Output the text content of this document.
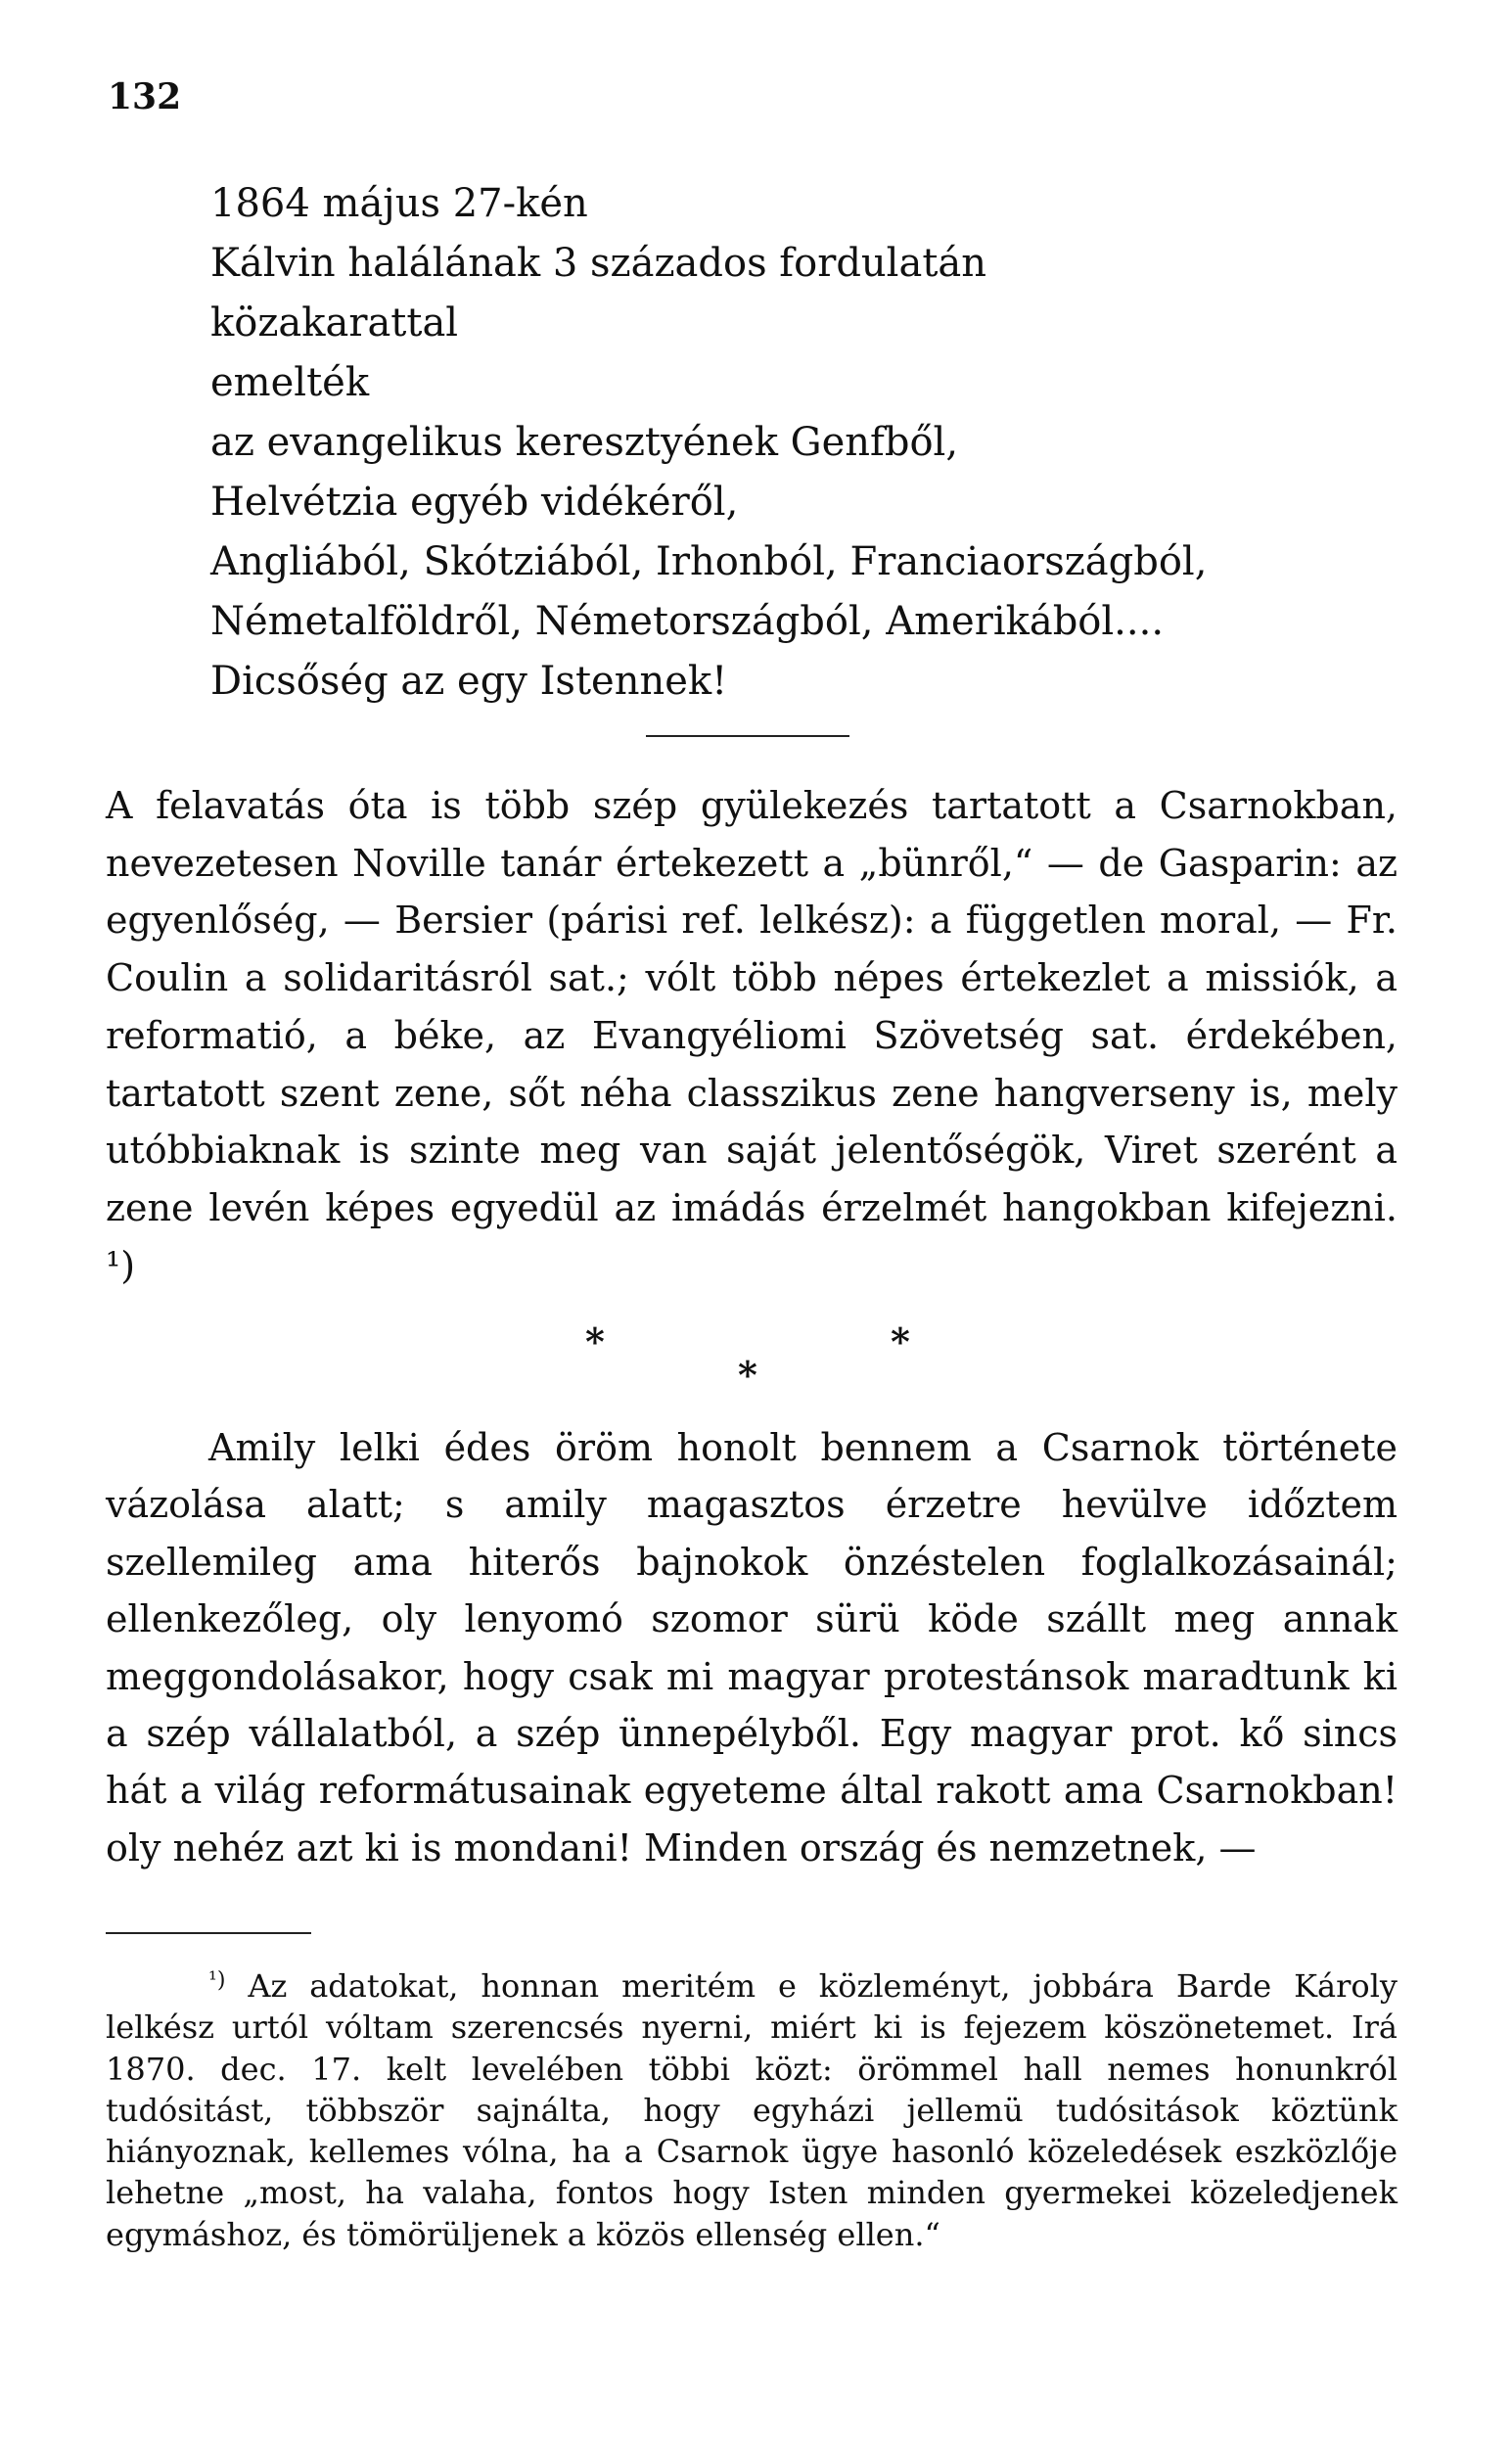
132

1864 május 27-kén
Kálvin halálának 3 százados fordulatán
közakarattal
emelték
az evangelikus keresztyének Genfből,
Helvétzia egyéb vidékéről,
Angliából, Skótziából, Irhonból, Franciaországból,
Németalföldről, Németországból, Amerikából....
Dicsőség az egy Istennek!

A felavatás óta is több szép gyülekezés tartatott a Csarnokban, nevezetesen Noville tanár értekezett a „bünről,“ — de Gasparin: az egyenlőség, — Bersier (párisi ref. lelkész): a független moral, — Fr. Coulin a solidaritásról sat.; vólt több népes értekezlet a missiók, a reformatió, a béke, az Evangyéliomi Szövetség sat. érdekében, tartatott szent zene, sőt néha classzikus zene hangverseny is, mely utóbbiaknak is szinte meg van saját jelentőségök, Viret szerént a zene levén képes egyedül az imádás érzelmét hangokban kifejezni. ¹)

*	*
*

Amily lelki édes öröm honolt bennem a Csarnok története vázolása alatt; s amily magasztos érzetre hevülve időztem szellemileg ama hiterős bajnokok önzéstelen foglalkozásainál; ellenkezőleg, oly lenyomó szomor sürü köde szállt meg annak meggondolásakor, hogy csak mi magyar protestánsok maradtunk ki a szép vállalatból, a szép ünnepélyből. Egy magyar prot. kő sincs hát a világ reformátusainak egyeteme által rakott ama Csarnokban! oly nehéz azt ki is mondani! Minden ország és nemzetnek, —

$^{^1)}$ Az adatokat, honnan meritém e közleményt, jobbára Barde Károly lelkész urtól vóltam szerencsés nyerni, miért ki is fejezem köszönetemet. Irá 1870. dec. 17. kelt levelében többi közt: örömmel hall nemes honunkról tudósitást, többször sajnálta, hogy egyházi jellemü tudósitások köztünk hiányoznak, kellemes vólna, ha a Csarnok ügye hasonló közeledések eszközlője lehetne „most, ha valaha, fontos hogy Isten minden gyermekei közeledjenek egymáshoz, és tömörüljenek a közös ellenség ellen.“
